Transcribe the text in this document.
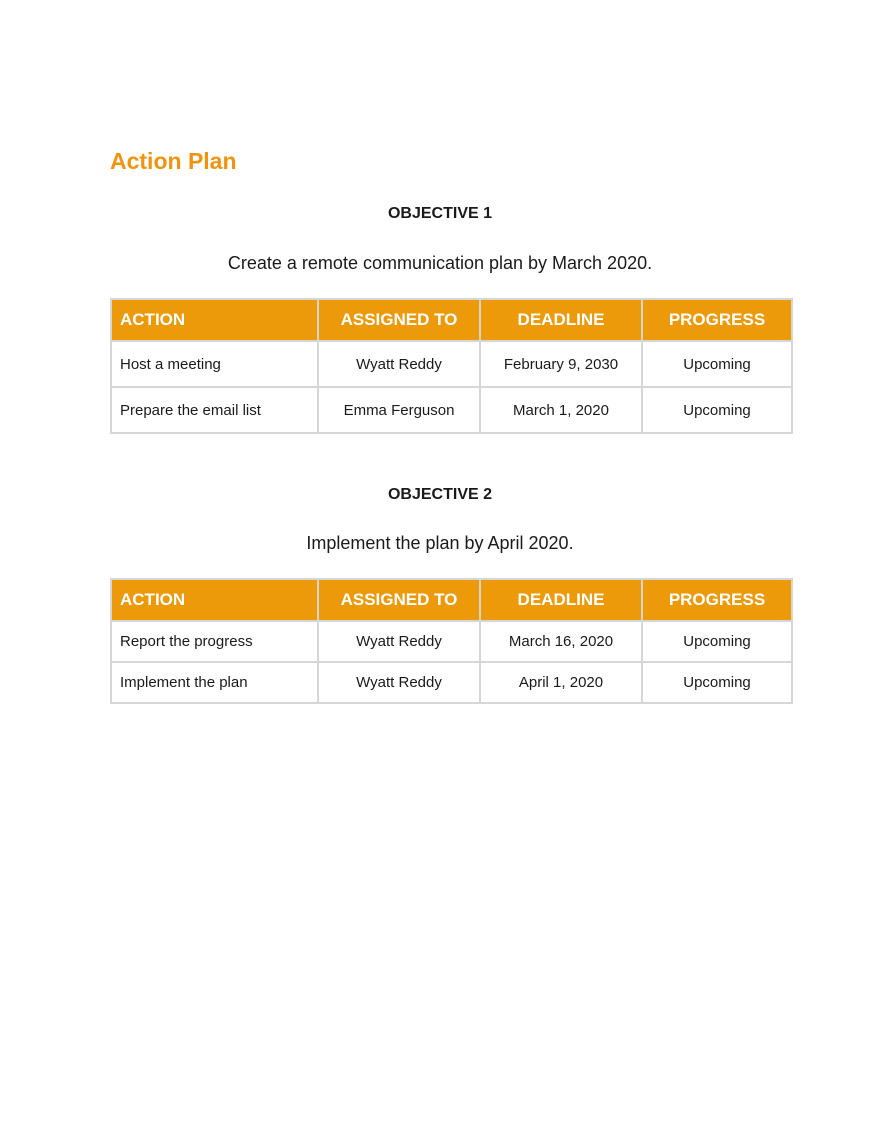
Action Plan
OBJECTIVE 1
Create a remote communication plan by March 2020.
ACTION	ASSIGNED TO	DEADLINE	PROGRESS
Host a meeting	Wyatt Reddy	February 9, 2030	Upcoming
Prepare the email list	Emma Ferguson	March 1, 2020	Upcoming
OBJECTIVE 2
Implement the plan by April 2020.
ACTION	ASSIGNED TO	DEADLINE	PROGRESS
Report the progress	Wyatt Reddy	March 16, 2020	Upcoming
Implement the plan	Wyatt Reddy	April 1, 2020	Upcoming
